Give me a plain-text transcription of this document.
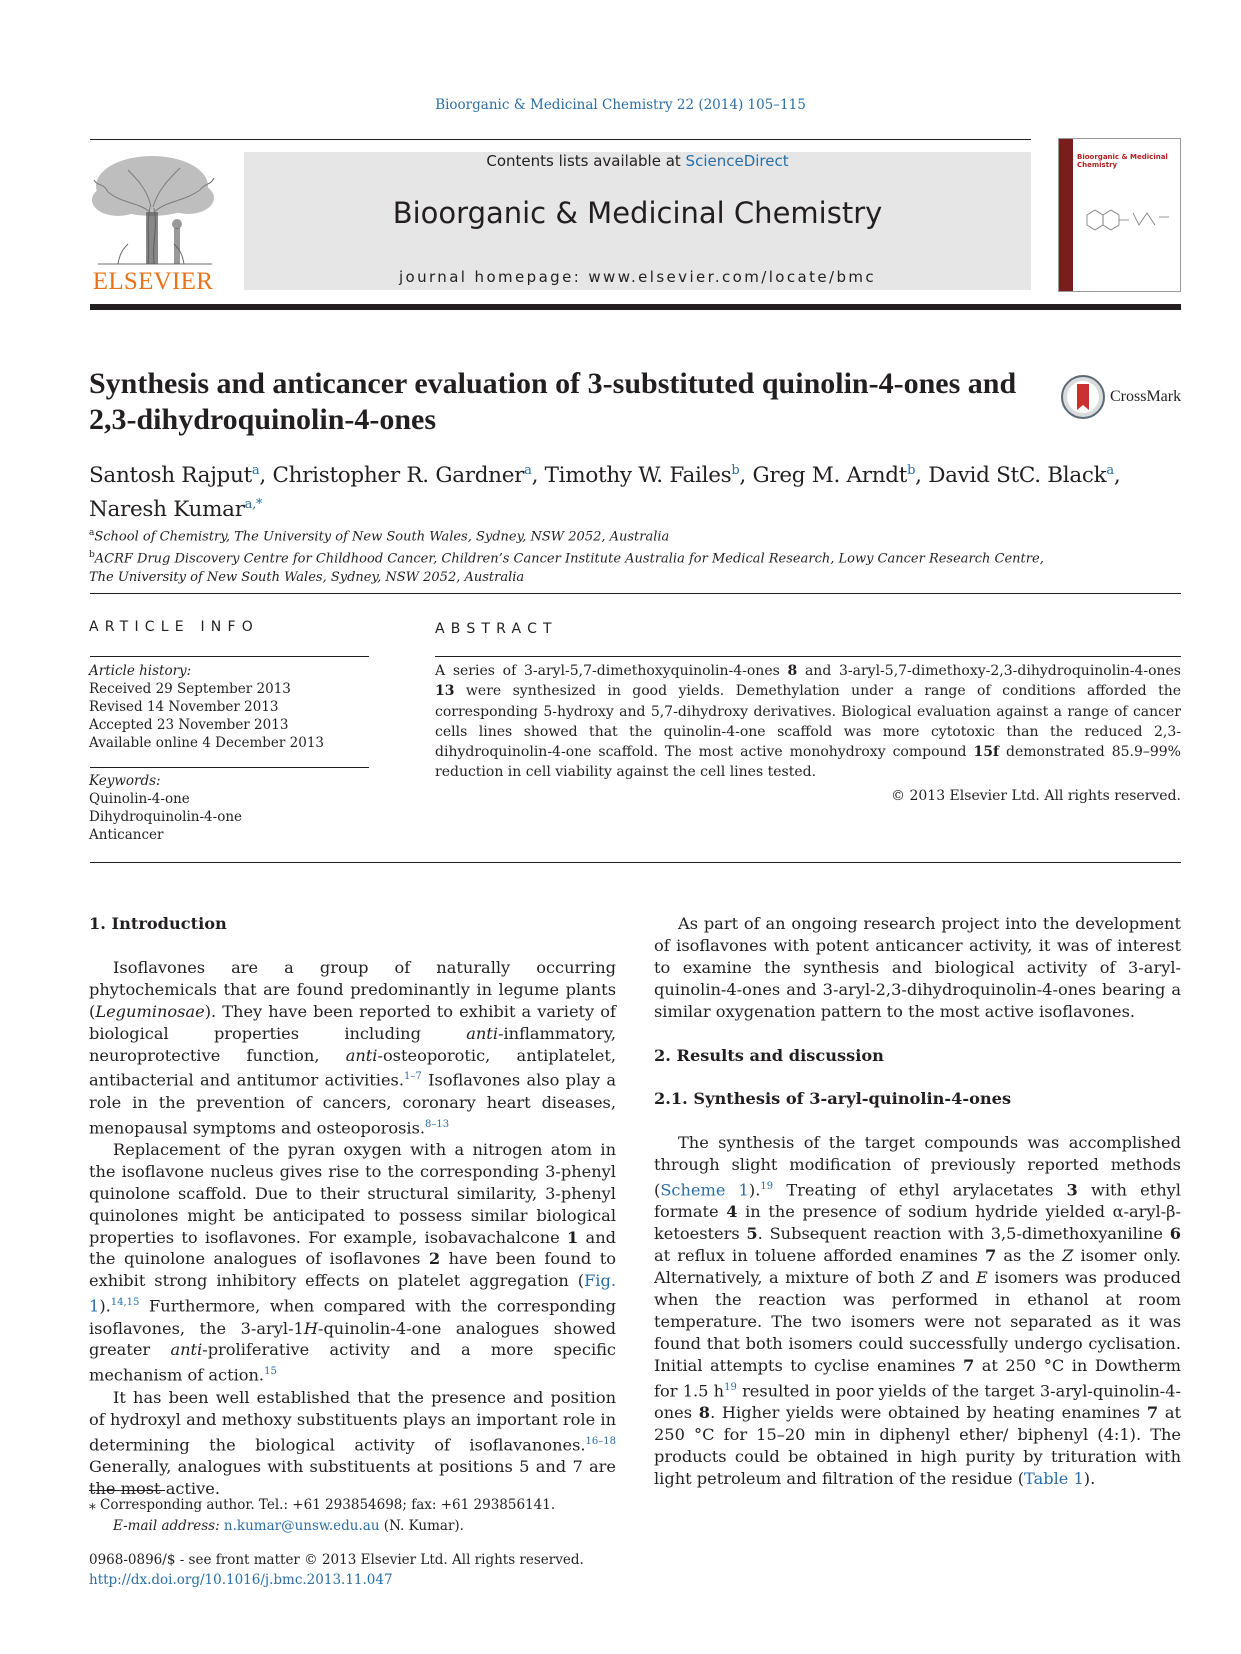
Bioorganic & Medicinal Chemistry 22 (2014) 105–115
ELSEVIER
Contents lists available at ScienceDirect
Bioorganic & Medicinal Chemistry
journal homepage: www.elsevier.com/locate/bmc
Bioorganic & Medicinal Chemistry
Synthesis and anticancer evaluation of 3-substituted quinolin-4-ones and 2,3-dihydroquinolin-4-ones
CrossMark
Santosh Rajput$^a$, Christopher R. Gardner$^a$, Timothy W. Failes$^b$, Greg M. Arndt$^b$, David StC. Black$^a$,
Naresh Kumar$^{a,*}$
$^a$School of Chemistry, The University of New South Wales, Sydney, NSW 2052, Australia
$^b$ACRF Drug Discovery Centre for Childhood Cancer, Children’s Cancer Institute Australia for Medical Research, Lowy Cancer Research Centre,
The University of New South Wales, Sydney, NSW 2052, Australia
ARTICLE INFO	ABSTRACT
Article history:
Received 29 September 2013
Revised 14 November 2013
Accepted 23 November 2013
Available online 4 December 2013
Keywords:
Quinolin-4-one
Dihydroquinolin-4-one
Anticancer
A series of 3-aryl-5,7-dimethoxyquinolin-4-ones 8 and 3-aryl-5,7-dimethoxy-2,3-dihydroquinolin-4-ones 13 were synthesized in good yields. Demethylation under a range of conditions afforded the corresponding 5-hydroxy and 5,7-dihydroxy derivatives. Biological evaluation against a range of cancer cells lines showed that the quinolin-4-one scaffold was more cytotoxic than the reduced 2,3-dihydroquinolin-4-one scaffold. The most active monohydroxy compound 15f demonstrated 85.9–99% reduction in cell viability against the cell lines tested.
© 2013 Elsevier Ltd. All rights reserved.
1. Introduction

Isoflavones are a group of naturally occurring phytochemicals that are found predominantly in legume plants (Leguminosae). They have been reported to exhibit a variety of biological properties including anti-inflammatory, neuroprotective function, anti-osteoporotic, antiplatelet, antibacterial and antitumor activities.$^{1-7}$ Isoflavones also play a role in the prevention of cancers, coronary heart diseases, menopausal symptoms and osteoporosis.$^{8-13}$

Replacement of the pyran oxygen with a nitrogen atom in the isoflavone nucleus gives rise to the corresponding 3-phenyl quinolone scaffold. Due to their structural similarity, 3-phenyl quinolones might be anticipated to possess similar biological properties to isoflavones. For example, isobavachalcone 1 and the quinolone analogues of isoflavones 2 have been found to exhibit strong inhibitory effects on platelet aggregation (Fig. 1).$^{14,15}$ Furthermore, when compared with the corresponding isoflavones, the 3-aryl-1H-quinolin-4-one analogues showed greater anti-proliferative activity and a more specific mechanism of action.$^{15}$

It has been well established that the presence and position of hydroxyl and methoxy substituents plays an important role in determining the biological activity of isoflavanones.$^{16-18}$ Generally, analogues with substituents at positions 5 and 7 are the most active.

As part of an ongoing research project into the development of isoflavones with potent anticancer activity, it was of interest to examine the synthesis and biological activity of 3-aryl-quinolin-4-ones and 3-aryl-2,3-dihydroquinolin-4-ones bearing a similar oxygenation pattern to the most active isoflavones.

2. Results and discussion
2.1. Synthesis of 3-aryl-quinolin-4-ones

The synthesis of the target compounds was accomplished through slight modification of previously reported methods (Scheme 1).$^{19}$ Treating of ethyl arylacetates 3 with ethyl formate 4 in the presence of sodium hydride yielded α-aryl-β-ketoesters 5. Subsequent reaction with 3,5-dimethoxyaniline 6 at reflux in toluene afforded enamines 7 as the Z isomer only. Alternatively, a mixture of both Z and E isomers was produced when the reaction was performed in ethanol at room temperature. The two isomers were not separated as it was found that both isomers could successfully undergo cyclisation. Initial attempts to cyclise enamines 7 at 250 °C in Dowtherm for 1.5 $h^{19}$ resulted in poor yields of the target 3-aryl-quinolin-4-ones 8. Higher yields were obtained by heating enamines 7 at 250 °C for 15–20 min in diphenyl ether/ biphenyl (4:1). The products could be obtained in high purity by trituration with light petroleum and filtration of the residue (Table 1).

⁎ Corresponding author. Tel.: +61 293854698; fax: +61 293856141.
E-mail address: n.kumar@unsw.edu.au (N. Kumar).
0968-0896/$ - see front matter © 2013 Elsevier Ltd. All rights reserved.
http://dx.doi.org/10.1016/j.bmc.2013.11.047
